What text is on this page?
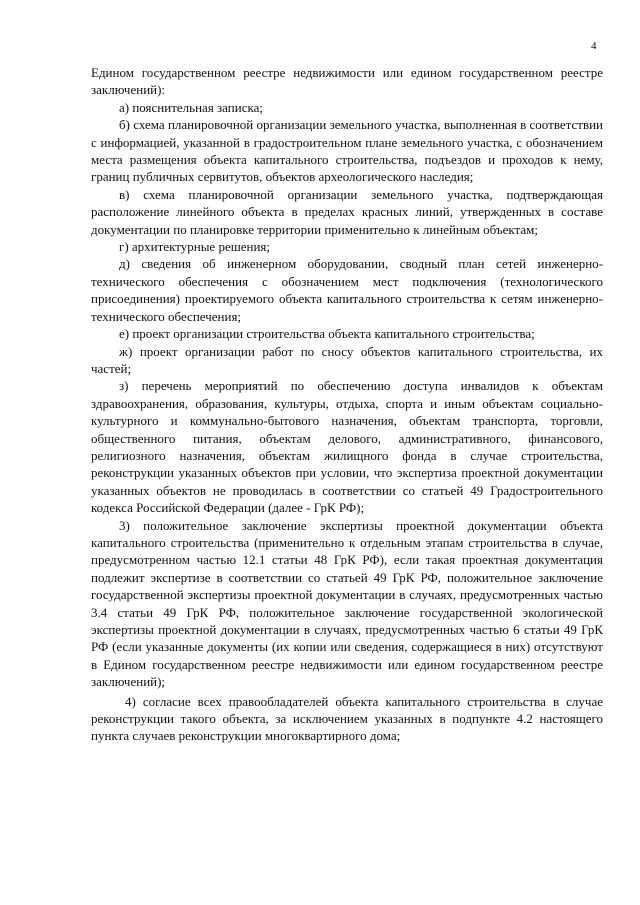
4

Едином государственном реестре недвижимости или едином государственном реестре заключений):

а) пояснительная записка;

б) схема планировочной организации земельного участка, выполненная в соответствии с информацией, указанной в градостроительном плане земельного участка, с обозначением места размещения объекта капитального строительства, подъездов и проходов к нему, границ публичных сервитутов, объектов археологического наследия;

в) схема планировочной организации земельного участка, подтверждающая расположение линейного объекта в пределах красных линий, утвержденных в составе документации по планировке территории применительно к линейным объектам;

г) архитектурные решения;

д) сведения об инженерном оборудовании, сводный план сетей инженерно-технического обеспечения с обозначением мест подключения (технологического присоединения) проектируемого объекта капитального строительства к сетям инженерно-технического обеспечения;

е) проект организации строительства объекта капитального строительства;

ж) проект организации работ по сносу объектов капитального строительства, их частей;

з) перечень мероприятий по обеспечению доступа инвалидов к объектам здравоохранения, образования, культуры, отдыха, спорта и иным объектам социально-культурного и коммунально-бытового назначения, объектам транспорта, торговли, общественного питания, объектам делового, административного, финансового, религиозного назначения, объектам жилищного фонда в случае строительства, реконструкции указанных объектов при условии, что экспертиза проектной документации указанных объектов не проводилась в соответствии со статьей 49 Градостроительного кодекса Российской Федерации (далее - ГрК РФ);

3) положительное заключение экспертизы проектной документации объекта капитального строительства (применительно к отдельным этапам строительства в случае, предусмотренном частью 12.1 статьи 48 ГрК РФ), если такая проектная документация подлежит экспертизе в соответствии со статьей 49 ГрК РФ, положительное заключение государственной экспертизы проектной документации в случаях, предусмотренных частью 3.4 статьи 49 ГрК РФ, положительное заключение государственной экологической экспертизы проектной документации в случаях, предусмотренных частью 6 статьи 49 ГрК РФ (если указанные документы (их копии или сведения, содержащиеся в них) отсутствуют в Едином государственном реестре недвижимости или едином государственном реестре заключений);

4) согласие всех правообладателей объекта капитального строительства в случае реконструкции такого объекта, за исключением указанных в подпункте 4.2 настоящего пункта случаев реконструкции многоквартирного дома;
